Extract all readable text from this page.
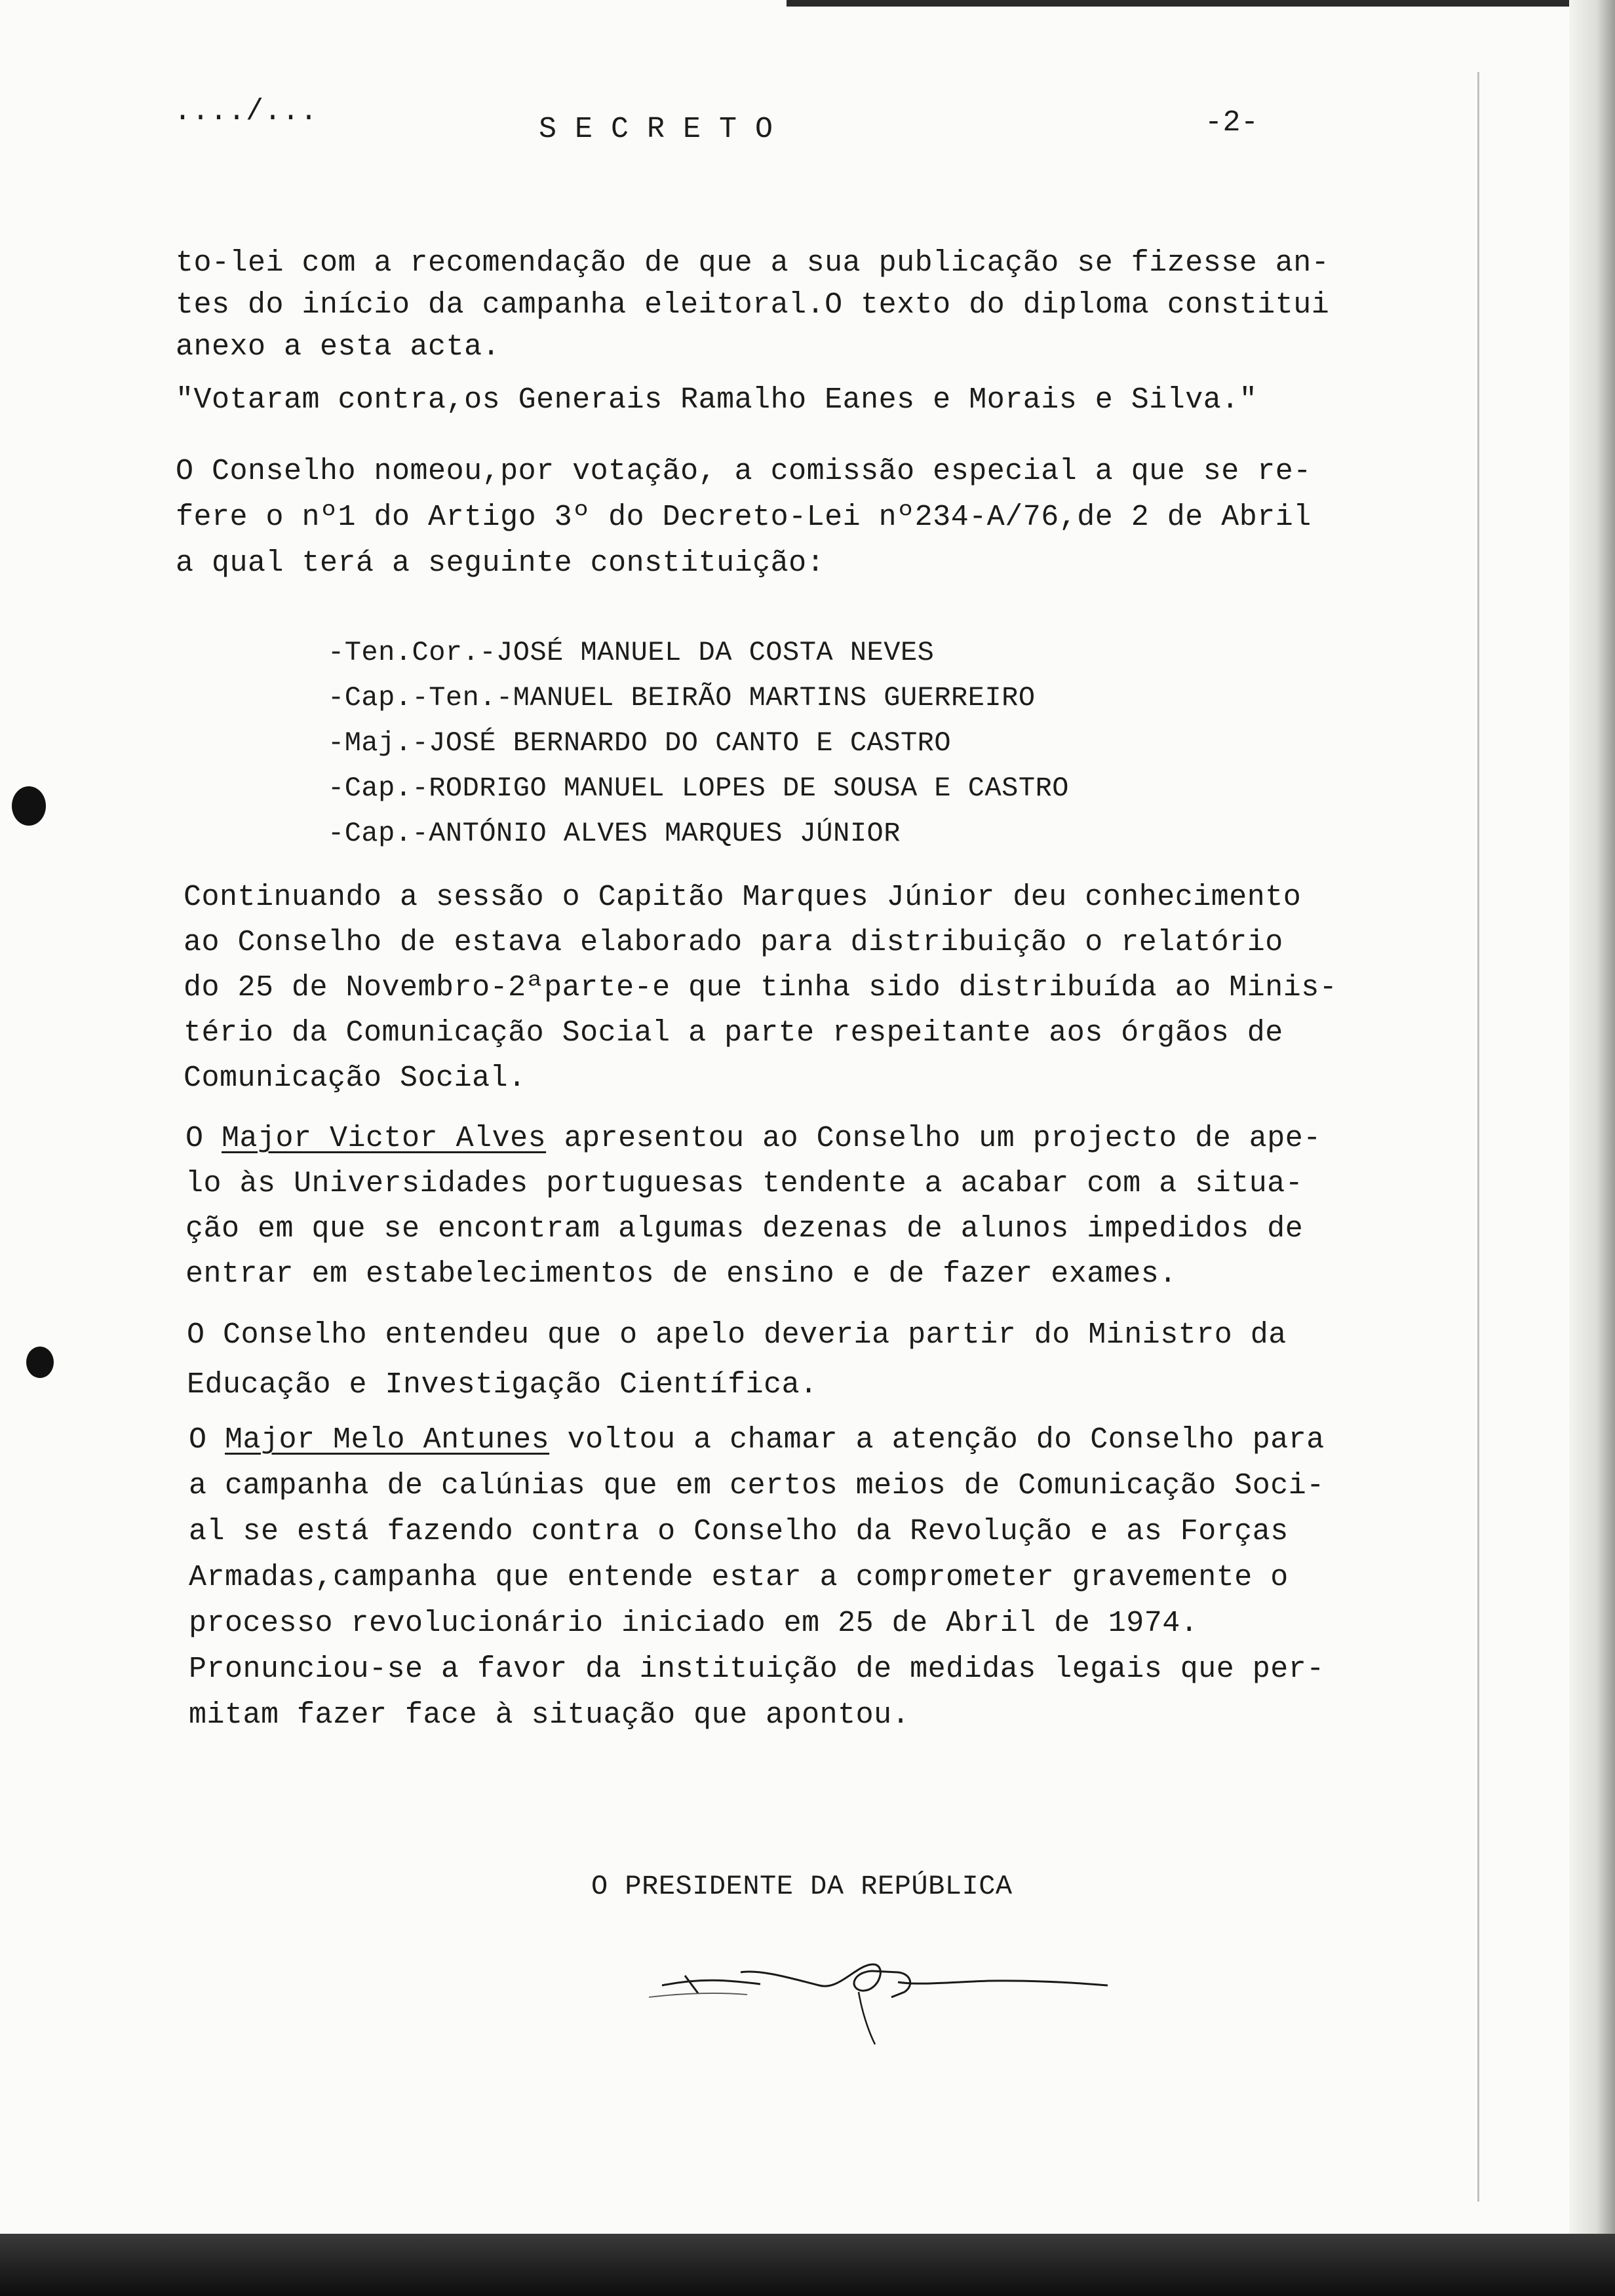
..../...
S E C R E T O	-2-
to-lei com a recomendação de que a sua publicação se fizesse an-
tes do início da campanha eleitoral.O texto do diploma constitui
anexo a esta acta.
"Votaram contra,os Generais Ramalho Eanes e Morais e Silva."
O Conselho nomeou,por votação, a comissão especial a que se re-
fere o nº1 do Artigo 3º do Decreto-Lei nº234-A/76,de 2 de Abril
a qual terá a seguinte constituição:
-Ten.Cor.-JOSÉ MANUEL DA COSTA NEVES
-Cap.-Ten.-MANUEL BEIRÃO MARTINS GUERREIRO
-Maj.-JOSÉ BERNARDO DO CANTO E CASTRO
-Cap.-RODRIGO MANUEL LOPES DE SOUSA E CASTRO
-Cap.-ANTÓNIO ALVES MARQUES JÚNIOR
Continuando a sessão o Capitão Marques Júnior deu conhecimento
ao Conselho de estava elaborado para distribuição o relatório
do 25 de Novembro-2ªparte-e que tinha sido distribuída ao Minis-
tério da Comunicação Social a parte respeitante aos órgãos de
Comunicação Social.
O Major Victor Alves apresentou ao Conselho um projecto de ape-
lo às Universidades portuguesas tendente a acabar com a situa-
ção em que se encontram algumas dezenas de alunos impedidos de
entrar em estabelecimentos de ensino e de fazer exames.
O Conselho entendeu que o apelo deveria partir do Ministro da
Educação e Investigação Científica.
O Major Melo Antunes voltou a chamar a atenção do Conselho para
a campanha de calúnias que em certos meios de Comunicação Soci-
al se está fazendo contra o Conselho da Revolução e as Forças
Armadas,campanha que entende estar a comprometer gravemente o
processo revolucionário iniciado em 25 de Abril de 1974.
Pronunciou-se a favor da instituição de medidas legais que per-
mitam fazer face à situação que apontou.
O PRESIDENTE DA REPÚBLICA
